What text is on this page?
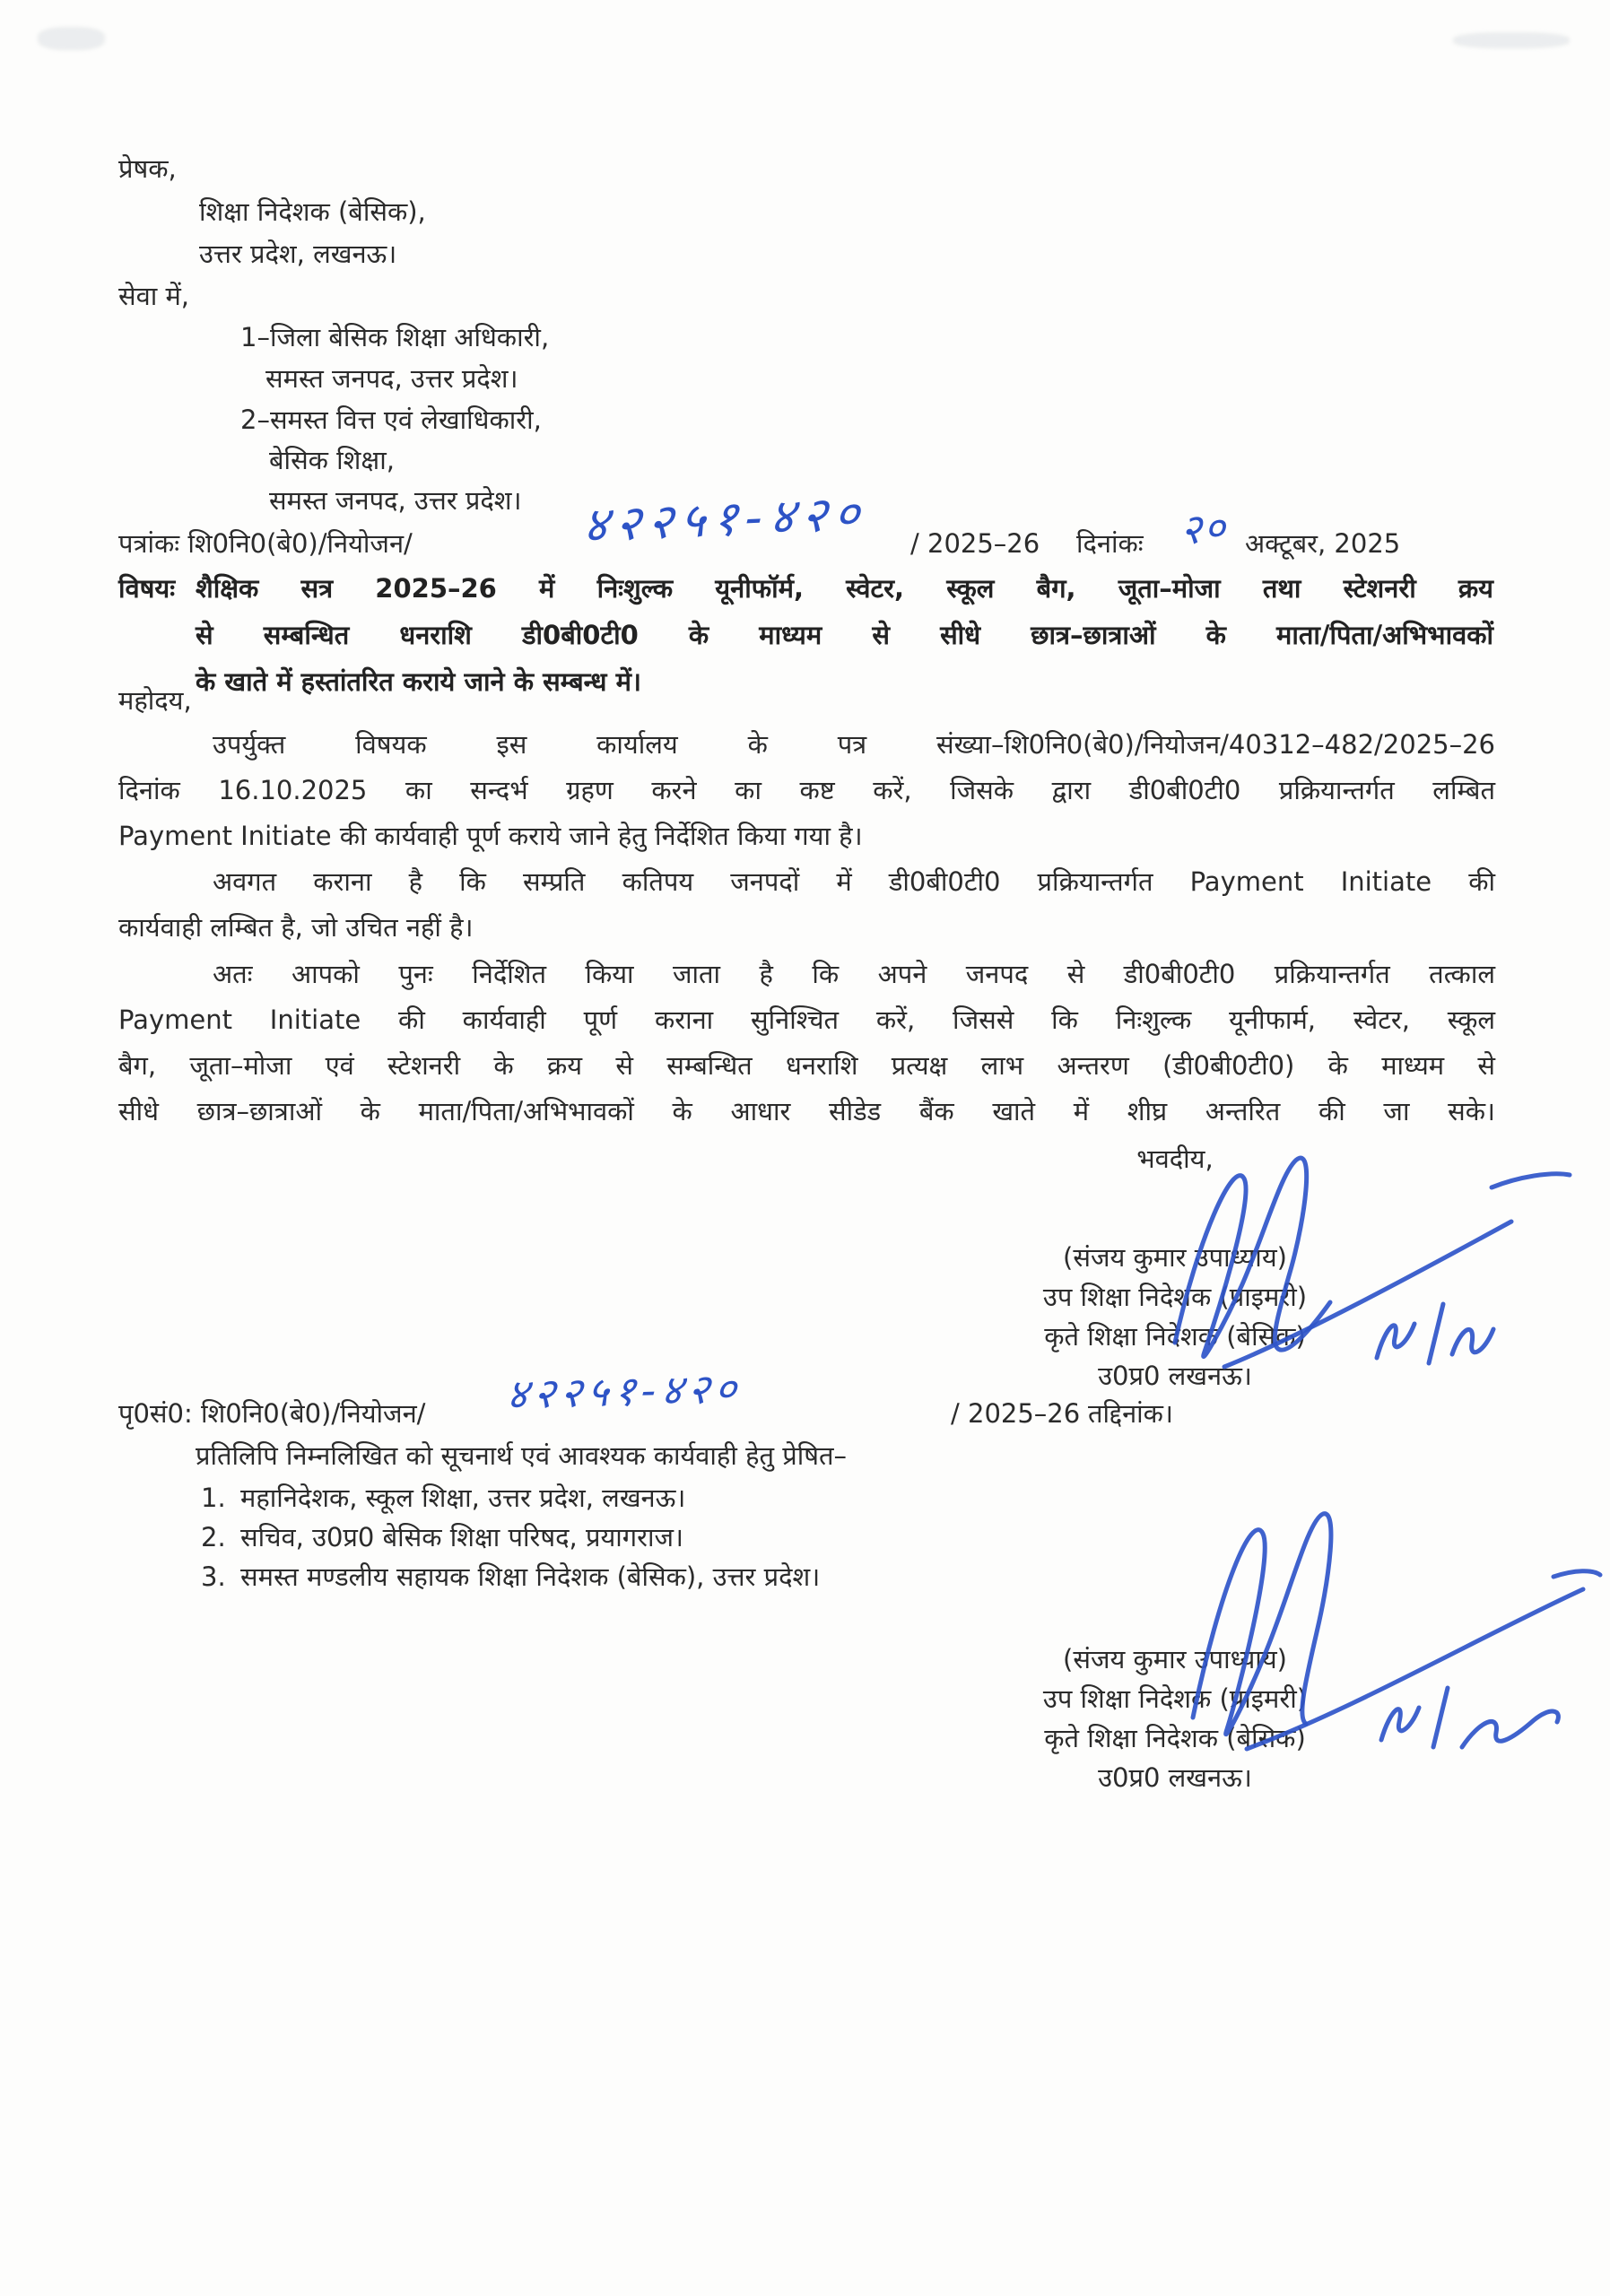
प्रेषक,
शिक्षा निदेशक (बेसिक),
उत्तर प्रदेश, लखनऊ।
सेवा में,
1–जिला बेसिक शिक्षा अधिकारी,
समस्त जनपद, उत्तर प्रदेश।
2–समस्त वित्त एवं लेखाधिकारी,
बेसिक शिक्षा,
समस्त जनपद, उत्तर प्रदेश।
पत्रांकः शि0नि0(बे0)/नियोजन/	४२२५१-४२० / 2025–26 दिनांकः २० अक्टूबर, 2025
विषयः शैक्षिक सत्र 2025–26 में निःशुल्क यूनीफॉर्म, स्वेटर, स्कूल बैग, जूता–मोजा तथा स्टेशनरी क्रय
से सम्बन्धित धनराशि डी0बी0टी0 के माध्यम से सीधे छात्र–छात्राओं के माता/पिता/अभिभावकों
के खाते में हस्तांतरित कराये जाने के सम्बन्ध में।
महोदय,
उपर्युक्त विषयक इस कार्यालय के पत्र संख्या–शि0नि0(बे0)/नियोजन/40312–482/2025–26
दिनांक 16.10.2025 का सन्दर्भ ग्रहण करने का कष्ट करें, जिसके द्वारा डी0बी0टी0 प्रक्रियान्तर्गत लम्बित
Payment Initiate की कार्यवाही पूर्ण कराये जाने हेतु निर्देशित किया गया है।
अवगत कराना है कि सम्प्रति कतिपय जनपदों में डी0बी0टी0 प्रक्रियान्तर्गत Payment Initiate की
कार्यवाही लम्बित है, जो उचित नहीं है।
अतः आपको पुनः निर्देशित किया जाता है कि अपने जनपद से डी0बी0टी0 प्रक्रियान्तर्गत तत्काल
Payment Initiate की कार्यवाही पूर्ण कराना सुनिश्चित करें, जिससे कि निःशुल्क यूनीफार्म, स्वेटर, स्कूल
बैग, जूता–मोजा एवं स्टेशनरी के क्रय से सम्बन्धित धनराशि प्रत्यक्ष लाभ अन्तरण (डी0बी0टी0) के माध्यम से
सीधे छात्र–छात्राओं के माता/पिता/अभिभावकों के आधार सीडेड बैंक खाते में शीघ्र अन्तरित की जा सके।
भवदीय,
(संजय कुमार उपाध्याय)
उप शिक्षा निदेशक (प्राइमरी)
कृते शिक्षा निदेशक (बेसिक)
उ0प्र0 लखनऊ।
पृ0सं0: शि0नि0(बे0)/नियोजन/ ४२२५१-४२०	/ 2025–26 तद्दिनांक।
प्रतिलिपि निम्नलिखित को सूचनार्थ एवं आवश्यक कार्यवाही हेतु प्रेषित–
1. महानिदेशक, स्कूल शिक्षा, उत्तर प्रदेश, लखनऊ।
2. सचिव, उ0प्र0 बेसिक शिक्षा परिषद, प्रयागराज।
3. समस्त मण्डलीय सहायक शिक्षा निदेशक (बेसिक), उत्तर प्रदेश।
(संजय कुमार उपाध्याय)
उप शिक्षा निदेशक (प्राइमरी)
कृते शिक्षा निदेशक (बेसिक)
उ0प्र0 लखनऊ।
